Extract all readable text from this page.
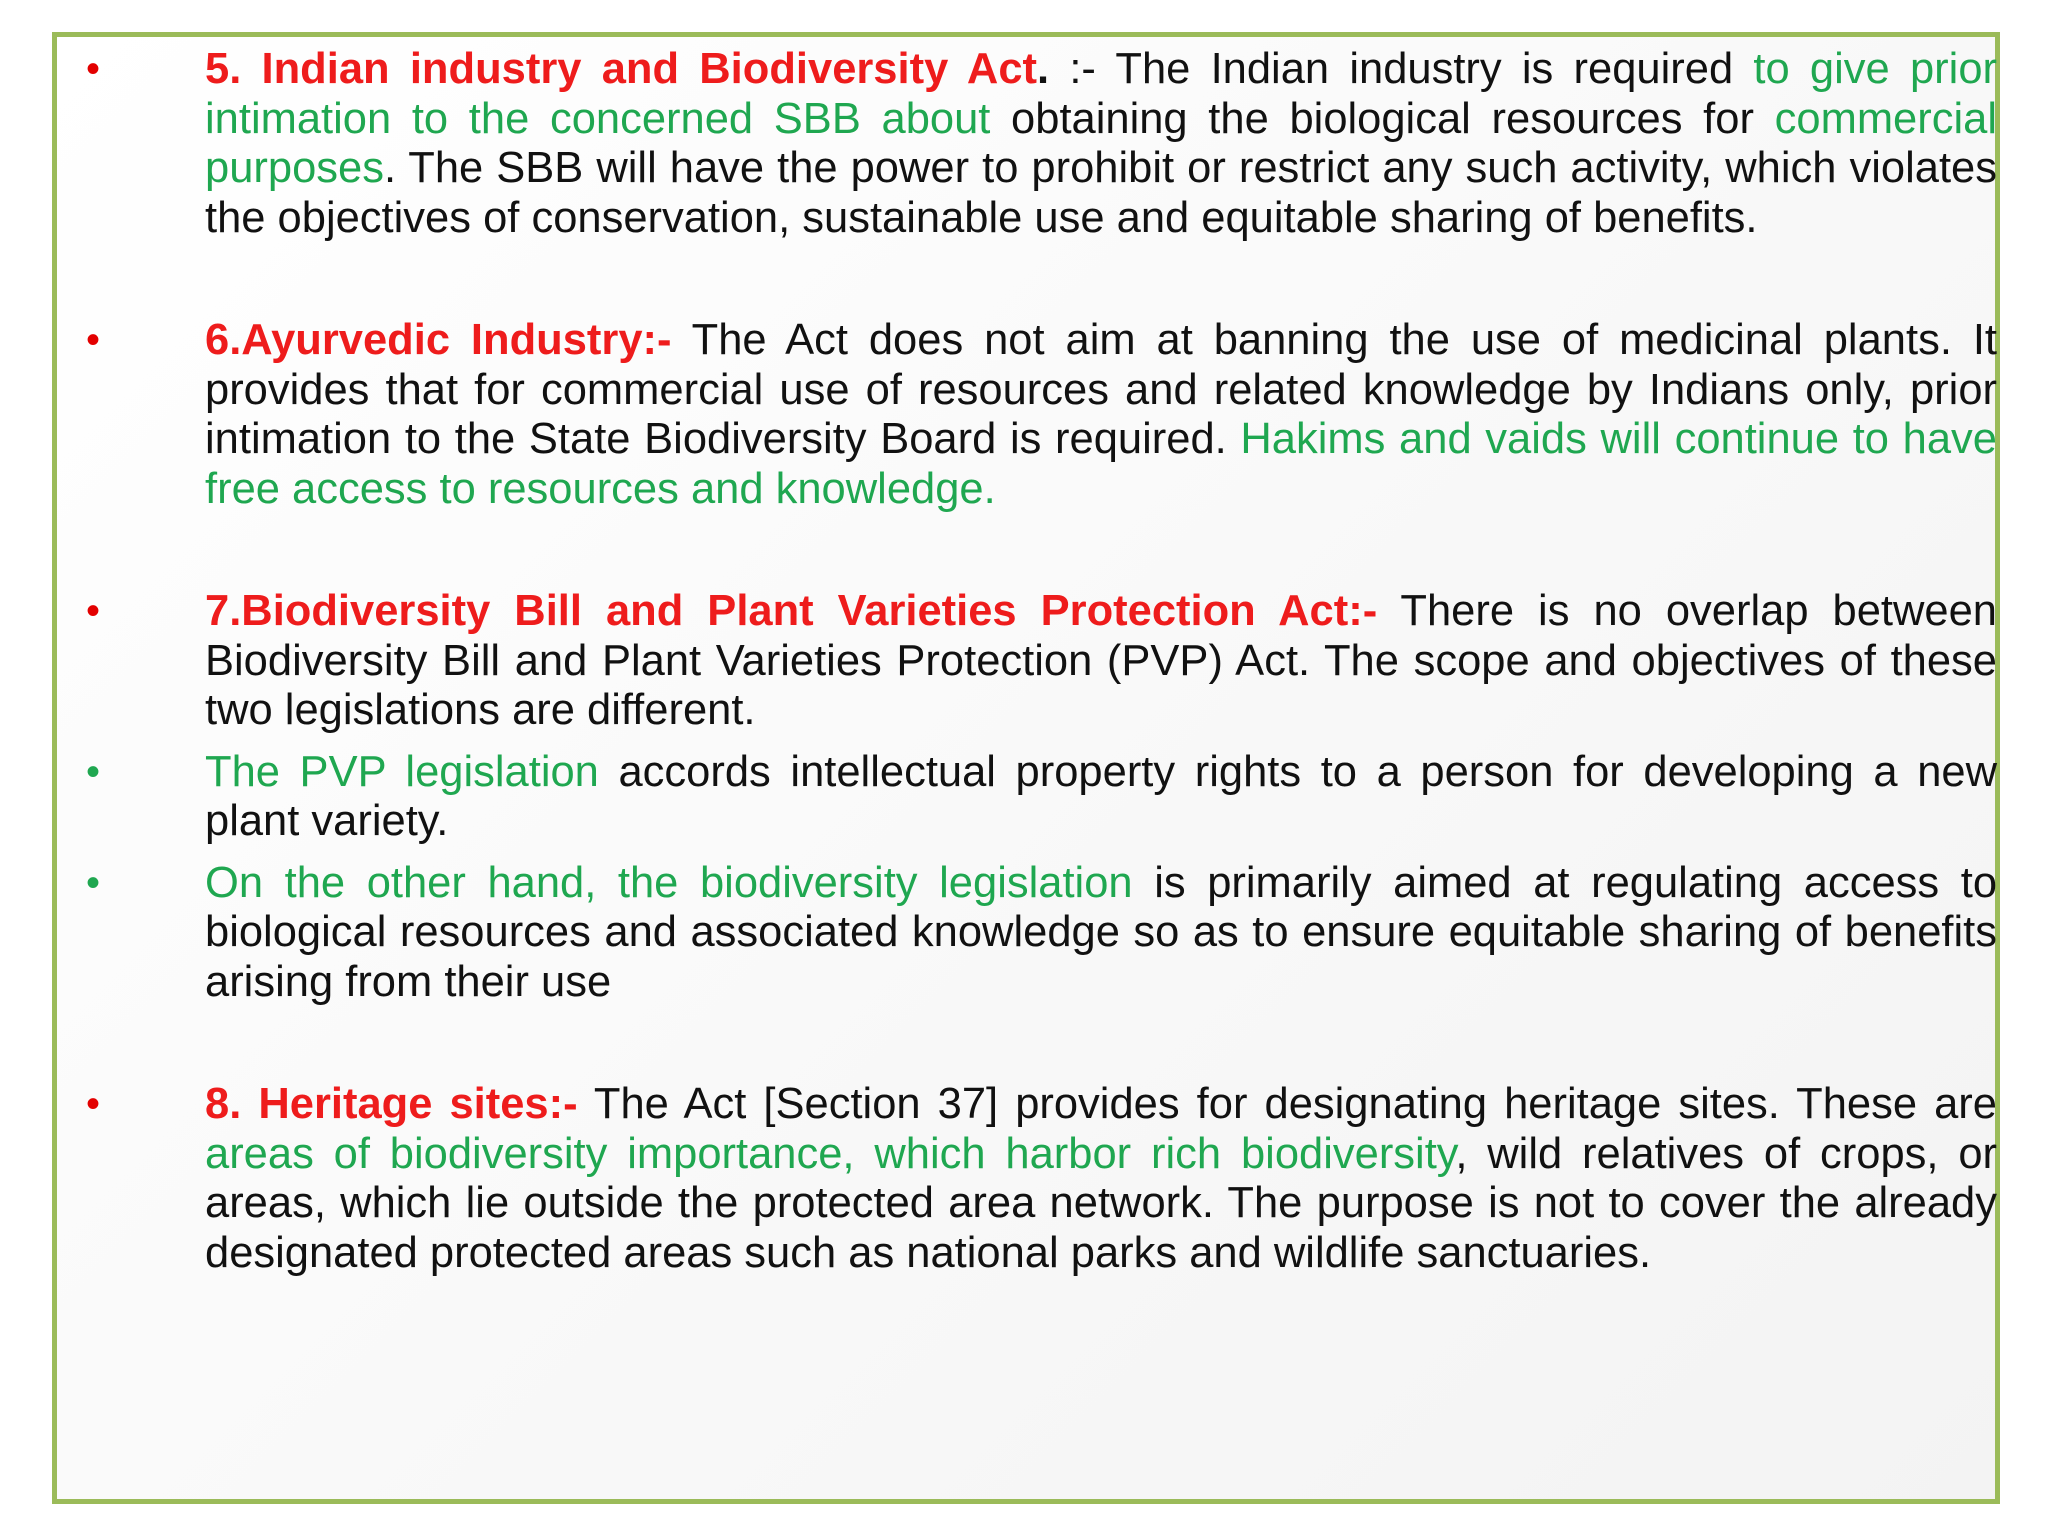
• 5. Indian industry and Biodiversity Act. :- The Indian industry is required to give prior intimation to the concerned SBB about obtaining the biological resources for commercial purposes. The SBB will have the power to prohibit or restrict any such activity, which violates the objectives of conservation, sustainable use and equitable sharing of benefits.
• 6.Ayurvedic Industry:- The Act does not aim at banning the use of medicinal plants. It provides that for commercial use of resources and related knowledge by Indians only, prior intimation to the State Biodiversity Board is required. Hakims and vaids will continue to have free access to resources and knowledge.
• 7.Biodiversity Bill and Plant Varieties Protection Act:- There is no overlap between Biodiversity Bill and Plant Varieties Protection (PVP) Act. The scope and objectives of these two legislations are different.
• The PVP legislation accords intellectual property rights to a person for developing a new plant variety.
• On the other hand, the biodiversity legislation is primarily aimed at regulating access to biological resources and associated knowledge so as to ensure equitable sharing of benefits arising from their use
• 8. Heritage sites:- The Act [Section 37] provides for designating heritage sites. These are areas of biodiversity importance, which harbor rich biodiversity, wild relatives of crops, or areas, which lie outside the protected area network. The purpose is not to cover the already designated protected areas such as national parks and wildlife sanctuaries.
